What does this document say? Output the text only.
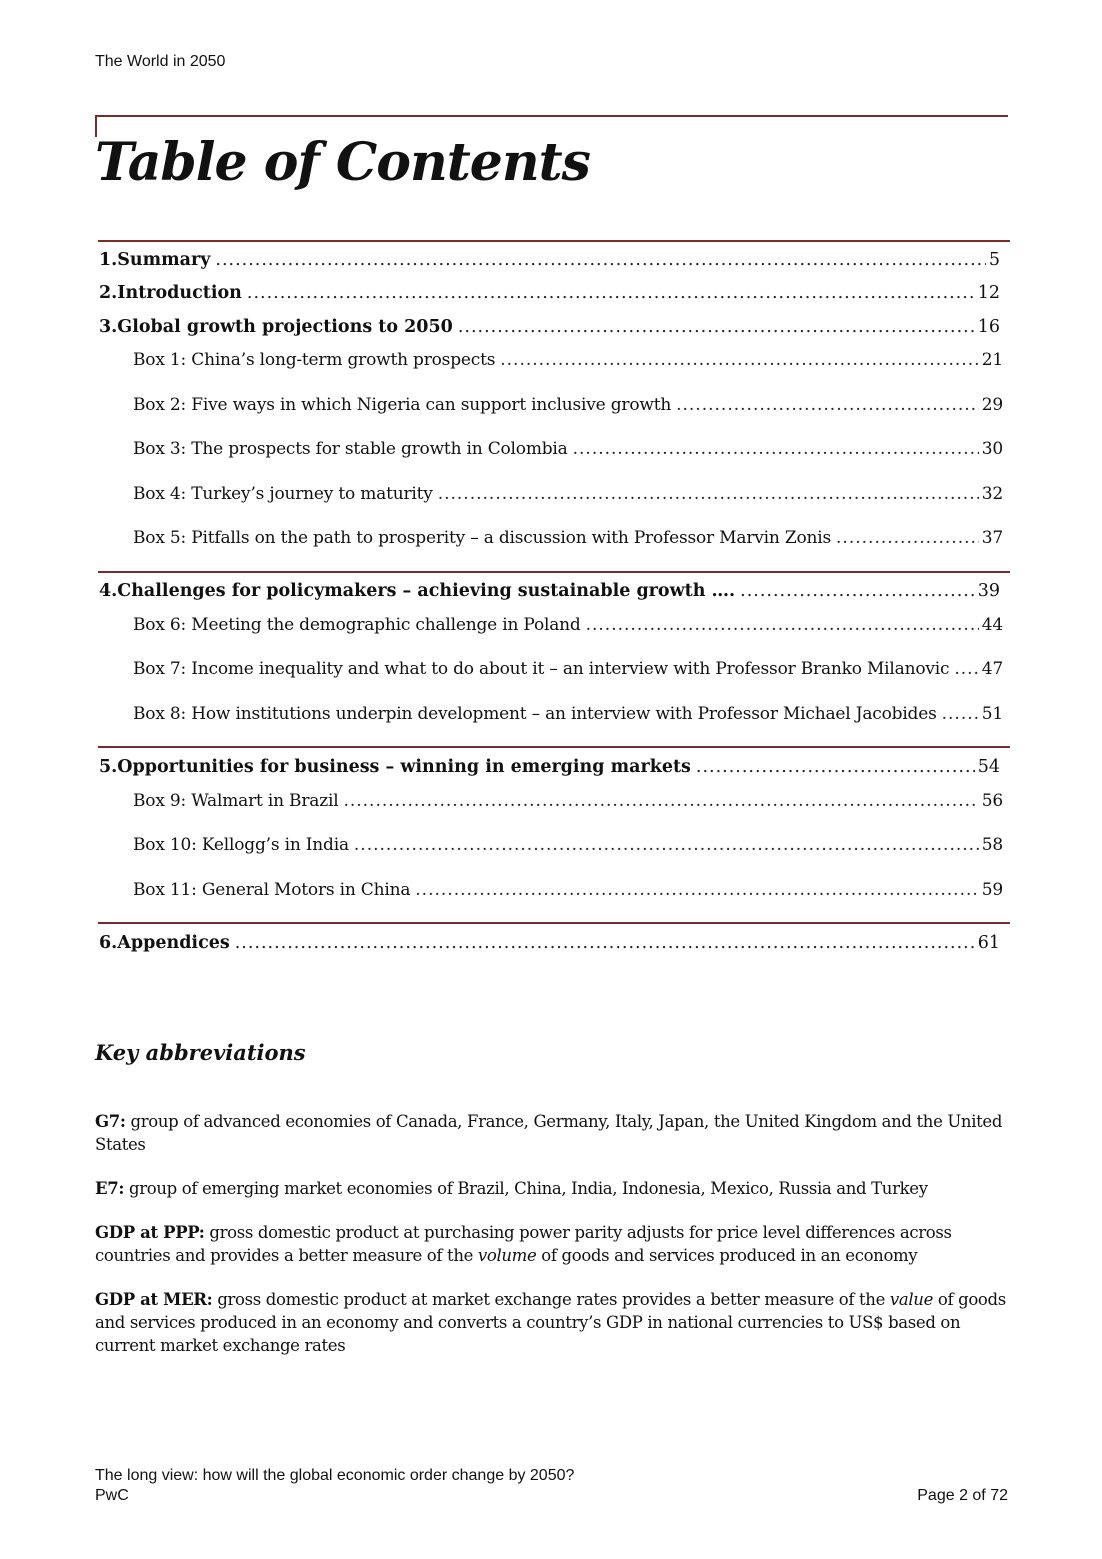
The World in 2050
Table of Contents
1. Summary .....	5
2. Introduction .....	12
3. Global growth projections to 2050 .....	16
Box 1: China’s long-term growth prospects .....	21
Box 2: Five ways in which Nigeria can support inclusive growth .....	29
Box 3: The prospects for stable growth in Colombia .....	30
Box 4: Turkey’s journey to maturity .....	32
Box 5: Pitfalls on the path to prosperity – a discussion with Professor Marvin Zonis .....	37
4. Challenges for policymakers – achieving sustainable growth …. .....	39
Box 6: Meeting the demographic challenge in Poland .....	44
Box 7: Income inequality and what to do about it – an interview with Professor Branko Milanovic ..... 47
Box 8: How institutions underpin development – an interview with Professor Michael Jacobides .....	51
5. Opportunities for business – winning in emerging markets .....	54
Box 9: Walmart in Brazil .....	56
Box 10: Kellogg’s in India .....	58
Box 11: General Motors in China .....	59
6. Appendices .....	61
Key abbreviations

G7: group of advanced economies of Canada, France, Germany, Italy, Japan, the United Kingdom and the United States

E7: group of emerging market economies of Brazil, China, India, Indonesia, Mexico, Russia and Turkey

GDP at PPP: gross domestic product at purchasing power parity adjusts for price level differences across countries and provides a better measure of the volume of goods and services produced in an economy

GDP at MER: gross domestic product at market exchange rates provides a better measure of the value of goods and services produced in an economy and converts a country’s GDP in national currencies to US$ based on current market exchange rates

The long view: how will the global economic order change by 2050?
PwC	Page 2 of 72
